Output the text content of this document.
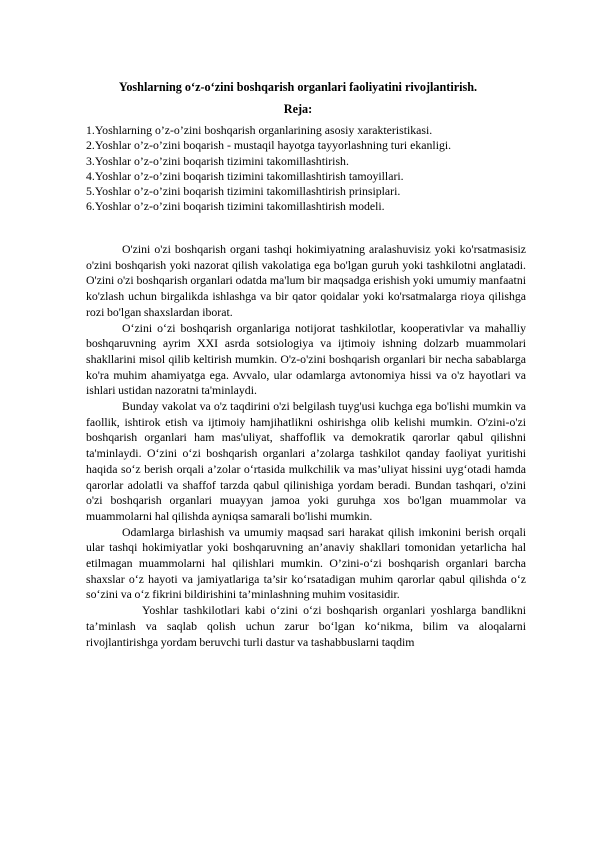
Yoshlarning o‘z-o‘zini boshqarish organlari faoliyatini rivojlantirish.
Reja:
1.Yoshlarning o’z-o’zini boshqarish organlarining asosiy xarakteristikasi.
2.Yoshlar o’z-o’zini boqarish - mustaqil hayotga tayyorlashning turi ekanligi.
3.Yoshlar o’z-o’zini boqarish tizimini takomillashtirish.
4.Yoshlar o’z-o’zini boqarish tizimini takomillashtirish tamoyillari.
5.Yoshlar o’z-o’zini boqarish tizimini takomillashtirish prinsiplari.
6.Yoshlar o’z-o’zini boqarish tizimini takomillashtirish modeli.

O'zini o'zi boshqarish organi tashqi hokimiyatning aralashuvisiz yoki ko'rsatmasisiz o'zini boshqarish yoki nazorat qilish vakolatiga ega bo'lgan guruh yoki tashkilotni anglatadi. O'zini o'zi boshqarish organlari odatda ma'lum bir maqsadga erishish yoki umumiy manfaatni ko'zlash uchun birgalikda ishlashga va bir qator qoidalar yoki ko'rsatmalarga rioya qilishga rozi bo'lgan shaxslardan iborat.

O‘zini o‘zi boshqarish organlariga notijorat tashkilotlar, kooperativlar va mahalliy boshqaruvning ayrim XXI asrda sotsiologiya va ijtimoiy ishning dolzarb muammolari shakllarini misol qilib keltirish mumkin. O'z-o'zini boshqarish organlari bir necha sabablarga ko'ra muhim ahamiyatga ega. Avvalo, ular odamlarga avtonomiya hissi va o'z hayotlari va ishlari ustidan nazoratni ta'minlaydi.

Bunday vakolat va o'z taqdirini o'zi belgilash tuyg'usi kuchga ega bo'lishi mumkin va faollik, ishtirok etish va ijtimoiy hamjihatlikni oshirishga olib kelishi mumkin. O'zini-o'zi boshqarish organlari ham mas'uliyat, shaffoflik va demokratik qarorlar qabul qilishni ta'minlaydi. O‘zini o‘zi boshqarish organlari a’zolarga tashkilot qanday faoliyat yuritishi haqida so‘z berish orqali a’zolar o‘rtasida mulkchilik va mas’uliyat hissini uyg‘otadi hamda qarorlar adolatli va shaffof tarzda qabul qilinishiga yordam beradi. Bundan tashqari, o'zini o'zi boshqarish organlari muayyan jamoa yoki guruhga xos bo'lgan muammolar va muammolarni hal qilishda ayniqsa samarali bo'lishi mumkin.

Odamlarga birlashish va umumiy maqsad sari harakat qilish imkonini berish orqali ular tashqi hokimiyatlar yoki boshqaruvning an’anaviy shakllari tomonidan yetarlicha hal etilmagan muammolarni hal qilishlari mumkin. O’zini-o‘zi boshqarish organlari barcha shaxslar o‘z hayoti va jamiyatlariga ta’sir ko‘rsatadigan muhim qarorlar qabul qilishda o‘z so‘zini va o‘z fikrini bildirishini ta’minlashning muhim vositasidir.

Yoshlar tashkilotlari kabi o‘zini o‘zi boshqarish organlari yoshlarga bandlikni ta’minlash va saqlab qolish uchun zarur bo‘lgan ko‘nikma, bilim va aloqalarni rivojlantirishga yordam beruvchi turli dastur va tashabbuslarni taqdim
